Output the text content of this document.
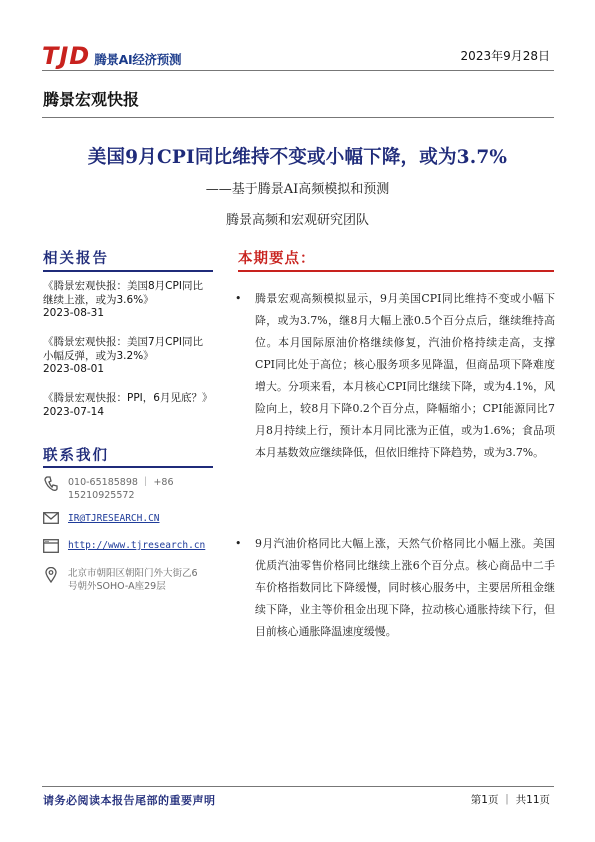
TJD 腾景AI经济预测	2023年9月28日
腾景宏观快报
美国9月CPI同比维持不变或小幅下降，或为3.7%
——基于腾景AI高频模拟和预测
腾景高频和宏观研究团队
相关报告
《腾景宏观快报：美国8月CPI同比继续上涨，或为3.6%》
2023-08-31
《腾景宏观快报：美国7月CPI同比小幅反弹，或为3.2%》
2023-08-01
《腾景宏观快报：PPI，6月见底？》 2023-07-14
联系我们
010-65185898 ｜ +86 15210925572
IR@TJRESEARCH.CN
http://www.tjresearch.cn
北京市朝阳区朝阳门外大街乙6号朝外SOHO-A座29层
本期要点：
•	腾景宏观高频模拟显示，9月美国CPI同比维持不变或小幅下降，或为3.7%，继8月大幅上涨0.5个百分点后，继续维持高位。本月国际原油价格继续修复，汽油价格持续走高，支撑CPI同比处于高位；核心服务项多见降温，但商品项下降难度增大。分项来看，本月核心CPI同比继续下降，或为4.1%，风险向上，较8月下降0.2个百分点，降幅缩小；CPI能源同比7月8月持续上行，预计本月同比涨为正值，或为1.6%；食品项本月基数效应继续降低，但依旧维持下降趋势，或为3.7%。
•	9月汽油价格同比大幅上涨，天然气价格同比小幅上涨。美国优质汽油零售价格同比继续上涨6个百分点。核心商品中二手车价格指数同比下降缓慢，同时核心服务中，主要居所租金继续下降，业主等价租金出现下降，拉动核心通胀持续下行，但目前核心通胀降温速度缓慢。
请务必阅读本报告尾部的重要声明	第1页 ｜ 共11页
